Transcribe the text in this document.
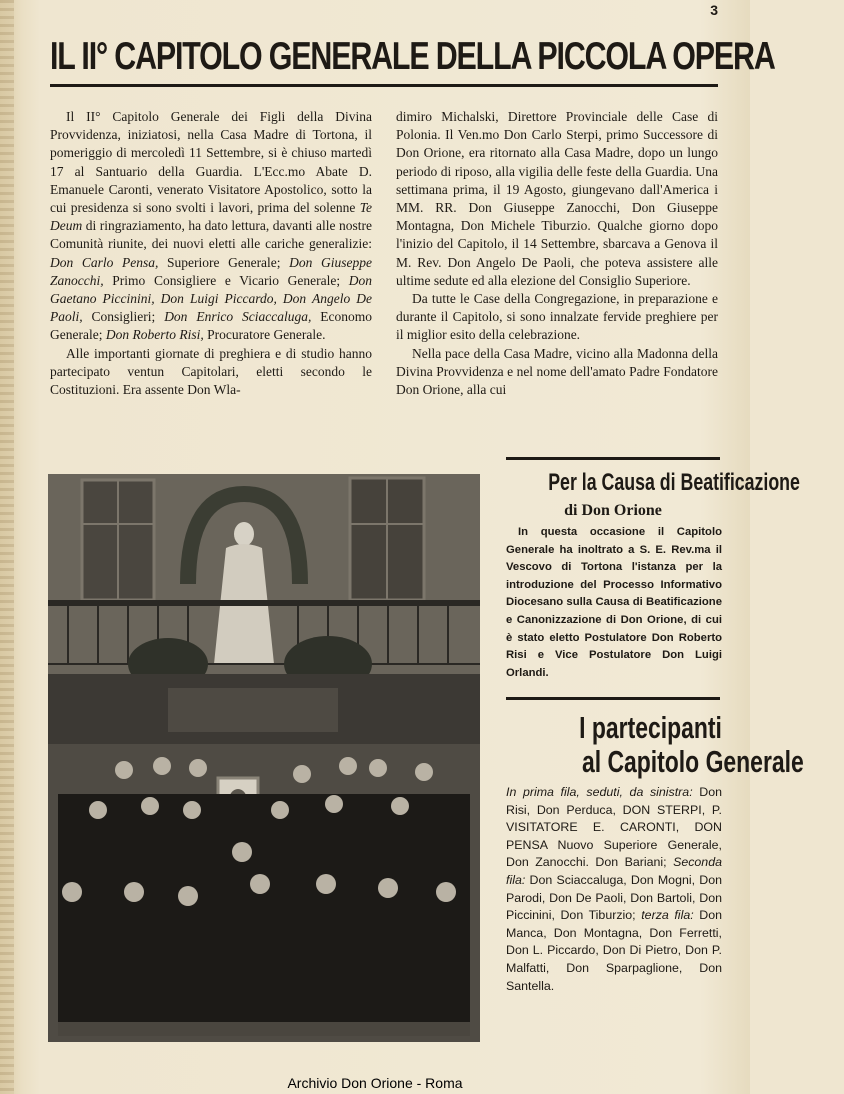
3
IL II° CAPITOLO GENERALE DELLA PICCOLA OPERA

Il II° Capitolo Generale dei Figli della Divina Provvidenza, iniziatosi, nella Casa Madre di Tortona, il pomeriggio di mercoledì 11 Settembre, si è chiuso martedì 17 al Santuario della Guardia. L'Ecc.mo Abate D. Emanuele Caronti, venerato Visitatore Apostolico, sotto la cui presidenza si sono svolti i lavori, prima del solenne Te Deum di ringraziamento, ha dato lettura, davanti alle nostre Comunità riunite, dei nuovi eletti alle cariche generalizie: Don Carlo Pensa, Superiore Generale; Don Giuseppe Zanocchi, Primo Consigliere e Vicario Generale; Don Gaetano Piccinini, Don Luigi Piccardo, Don Angelo De Paoli, Consiglieri; Don Enrico Sciaccaluga, Economo Generale; Don Roberto Risi, Procuratore Generale.

Alle importanti giornate di preghiera e di studio hanno partecipato ventun Capitolari, eletti secondo le Costituzioni. Era assente Don Wla-

dimiro Michalski, Direttore Provinciale delle Case di Polonia. Il Ven.mo Don Carlo Sterpi, primo Successore di Don Orione, era ritornato alla Casa Madre, dopo un lungo periodo di riposo, alla vigilia delle feste della Guardia. Una settimana prima, il 19 Agosto, giungevano dall'America i MM. RR. Don Giuseppe Zanocchi, Don Giuseppe Montagna, Don Michele Tiburzio. Qualche giorno dopo l'inizio del Capitolo, il 14 Settembre, sbarcava a Genova il M. Rev. Don Angelo De Paoli, che poteva assistere alle ultime sedute ed alla elezione del Consiglio Superiore.

Da tutte le Case della Congregazione, in preparazione e durante il Capitolo, si sono innalzate fervide preghiere per il miglior esito della celebrazione.

Nella pace della Casa Madre, vicino alla Madonna della Divina Provvidenza e nel nome dell'amato Padre Fondatore Don Orione, alla cui

Per la Causa di Beatificazione
di Don Orione

In questa occasione il Capitolo Generale ha inoltrato a S. E. Rev.ma il Vescovo di Tortona l'istanza per la introduzione del Processo Informativo Diocesano sulla Causa di Beatificazione e Canonizzazione di Don Orione, di cui è stato eletto Postulatore Don Roberto Risi e Vice Postulatore Don Luigi Orlandi.

I partecipanti
al Capitolo Generale

In prima fila, seduti, da sinistra: Don Risi, Don Perduca, DON STERPI, P. VISITATORE E. CARONTI, DON PENSA Nuovo Superiore Generale, Don Zanocchi. Don Bariani; Seconda fila: Don Sciaccaluga, Don Mogni, Don Parodi, Don De Paoli, Don Bartoli, Don Piccinini, Don Tiburzio; terza fila: Don Manca, Don Montagna, Don Ferretti, Don L. Piccardo, Don Di Pietro, Don P. Malfatti, Don Sparpaglione, Don Santella.

Archivio Don Orione - Roma
